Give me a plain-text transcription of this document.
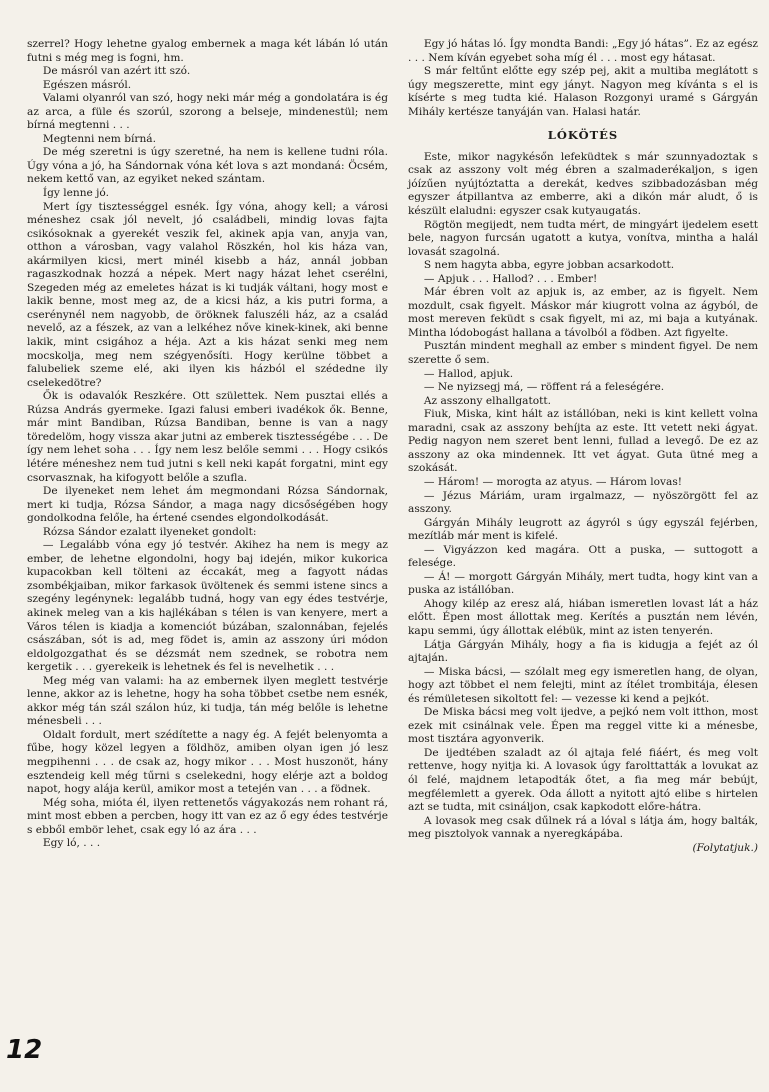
szerrel? Hogy lehetne gyalog embernek a maga két lábán ló után futni s még meg is fogni, hm.

De másról van azért itt szó.

Egészen másról.

Valami olyanról van szó, hogy neki már még a gondolatára is ég az arca, a füle és szorúl, szorong a belseje, mindenestül; nem bírná megtenni . . .

Megtenni nem bírná.

De még szeretni is úgy szeretné, ha nem is kellene tudni róla. Úgy vóna a jó, ha Sándornak vóna két lova s azt mondaná: Öcsém, nekem kettő van, az egyiket neked szántam.

Így lenne jó.

Mert így tisztességgel esnék. Így vóna, ahogy kell; a városi méneshez csak jól nevelt, jó családbeli, mindig lovas fajta csikósoknak a gyerekét veszik fel, akinek apja van, anyja van, otthon a városban, vagy valahol Röszkén, hol kis háza van, akármilyen kicsi, mert minél kisebb a ház, annál jobban ragaszkodnak hozzá a népek. Mert nagy házat lehet cserélni, Szegeden még az emeletes házat is ki tudják váltani, hogy most e lakik benne, most meg az, de a kicsi ház, a kis putri forma, a cserénynél nem nagyobb, de öröknek faluszéli ház, az a család nevelő, az a fészek, az van a lelkéhez nőve kinek-kinek, aki benne lakik, mint csigához a héja. Azt a kis házat senki meg nem mocskolja, meg nem szégyenősíti. Hogy kerülne többet a falubeliek szeme elé, aki ilyen kis házból el szédedne ily cselekedötre?

Ők is odavalók Reszkére. Ott születtek. Nem pusztai ellés a Rúzsa András gyermeke. Igazi falusi emberi ivadékok ők. Benne, már mint Bandiban, Rúzsa Bandiban, benne is van a nagy töredelöm, hogy vissza akar jutni az emberek tisztességébe . . . De így nem lehet soha . . . Így nem lesz belőle semmi . . . Hogy csikós létére méneshez nem tud jutni s kell neki kapát forgatni, mint egy csorvasznak, ha kifogyott belőle a szufla.

De ilyeneket nem lehet ám megmondani Rózsa Sándornak, mert ki tudja, Rózsa Sándor, a maga nagy dicsőségében hogy gondolkodna felőle, ha értené csendes elgondolkodását.

Rózsa Sándor ezalatt ilyeneket gondolt:

— Legalább vóna egy jó testvér. Akihez ha nem is megy az ember, de lehetne elgondolni, hogy baj idején, mikor kukorica kupacokban kell tölteni az éccakát, meg a fagyott nádas zsombékjaiban, mikor farkasok üvöltenek és semmi istene sincs a szegény legénynek: legalább tudná, hogy van egy édes testvérje, akinek meleg van a kis hajlékában s télen is van kenyere, mert a Város télen is kiadja a komenciót búzában, szalonnában, fejelés császában, sót is ad, meg födet is, amin az asszony úri módon eldolgozgathat és se dézsmát nem szednek, se robotra nem kergetik . . . gyerekeik is lehetnek és fel is nevelhetik . . .

Meg még van valami: ha az embernek ilyen meglett testvérje lenne, akkor az is lehetne, hogy ha soha többet csetbe nem esnék, akkor még tán szál szálon húz, ki tudja, tán még belőle is lehetne ménesbeli . . .

Oldalt fordult, mert szédítette a nagy ég. A fejét belenyomta a fűbe, hogy közel legyen a földhöz, amiben olyan igen jó lesz megpihenni . . . de csak az, hogy mikor . . . Most huszonöt, hány esztendeig kell még tűrni s cselekedni, hogy elérje azt a boldog napot, hogy alája kerül, amikor most a tetején van . . . a födnek.

Még soha, mióta él, ilyen rettenetős vágyakozás nem rohant rá, mint most ebben a percben, hogy itt van ez az ő egy édes testvérje s ebből embör lehet, csak egy ló az ára . . .

Egy ló, . . .

Egy jó hátas ló. Így mondta Bandi: „Egy jó hátas”. Ez az egész . . . Nem kíván egyebet soha míg él . . . most egy hátasat.

S már feltűnt előtte egy szép pej, akit a multiba meglátott s úgy megszerette, mint egy jányt. Nagyon meg kívánta s el is kísérte s meg tudta kié. Halason Rozgonyi uramé s Gárgyán Mihály kertésze tanyáján van. Halasi határ.

LÓKÖTÉS

Este, mikor nagykésőn lefeküdtek s már szunnyadoztak s csak az asszony volt még ébren a szalmaderékaljon, s igen jóízűen nyújtóztatta a derekát, kedves szibbadozásban még egyszer átpillantva az emberre, aki a dikón már aludt, ő is készült elaludni: egyszer csak kutyaugatás.

Rögtön megijedt, nem tudta mért, de mingyárt ijedelem esett bele, nagyon furcsán ugatott a kutya, vonítva, mintha a halál lovasát szagolná.

S nem hagyta abba, egyre jobban acsarkodott.

— Apjuk . . . Hallod? . . . Ember!

Már ébren volt az apjuk is, az ember, az is figyelt. Nem mozdult, csak figyelt. Máskor már kiugrott volna az ágyból, de most mereven feküdt s csak figyelt, mi az, mi baja a kutyának. Mintha lódobogást hallana a távolból a födben. Azt figyelte.

Pusztán mindent meghall az ember s mindent figyel. De nem szerette ő sem.

— Hallod, apjuk.

— Ne nyizsegj má, — röffent rá a feleségére.

Az asszony elhallgatott.

Fiuk, Miska, kint hált az istállóban, neki is kint kellett volna maradni, csak az asszony behíjta az este. Itt vetett neki ágyat. Pedig nagyon nem szeret bent lenni, fullad a levegő. De ez az asszony az oka mindennek. Itt vet ágyat. Guta ütné meg a szokását.

— Három! — morogta az atyus. — Három lovas!

— Jézus Máriám, uram irgalmazz, — nyöszörgött fel az asszony.

Gárgyán Mihály leugrott az ágyról s úgy egyszál fejérben, mezítláb már ment is kifelé.

— Vigyázzon ked magára. Ott a puska, — suttogott a felesége.

— Á! — morgott Gárgyán Mihály, mert tudta, hogy kint van a puska az istállóban.

Ahogy kilép az eresz alá, hiában ismeretlen lovast lát a ház előtt. Épen most állottak meg. Kerítés a pusztán nem lévén, kapu semmi, úgy állottak elébük, mint az isten tenyerén.

Látja Gárgyán Mihály, hogy a fia is kidugja a fejét az ól ajtaján.

— Miska bácsi, — szólalt meg egy ismeretlen hang, de olyan, hogy azt többet el nem felejti, mint az ítélet trombitája, élesen és rémületesen sikoltott fel: — vezesse ki kend a pejkót.

De Miska bácsi meg volt ijedve, a pejkó nem volt itthon, most ezek mit csinálnak vele. Épen ma reggel vitte ki a ménesbe, most tisztára agyonverik.

De ijedtében szaladt az ól ajtaja felé fiáért, és meg volt rettenve, hogy nyitja ki. A lovasok úgy farolttatták a lovukat az ól felé, majdnem letapodták őtet, a fia meg már bebújt, megfélemlett a gyerek. Oda állott a nyitott ajtó elibe s hirtelen azt se tudta, mit csináljon, csak kapkodott előre-hátra.

A lovasok meg csak dűlnek rá a lóval s látja ám, hogy balták, meg pisztolyok vannak a nyeregkápába.

(Folytatjuk.)

12
